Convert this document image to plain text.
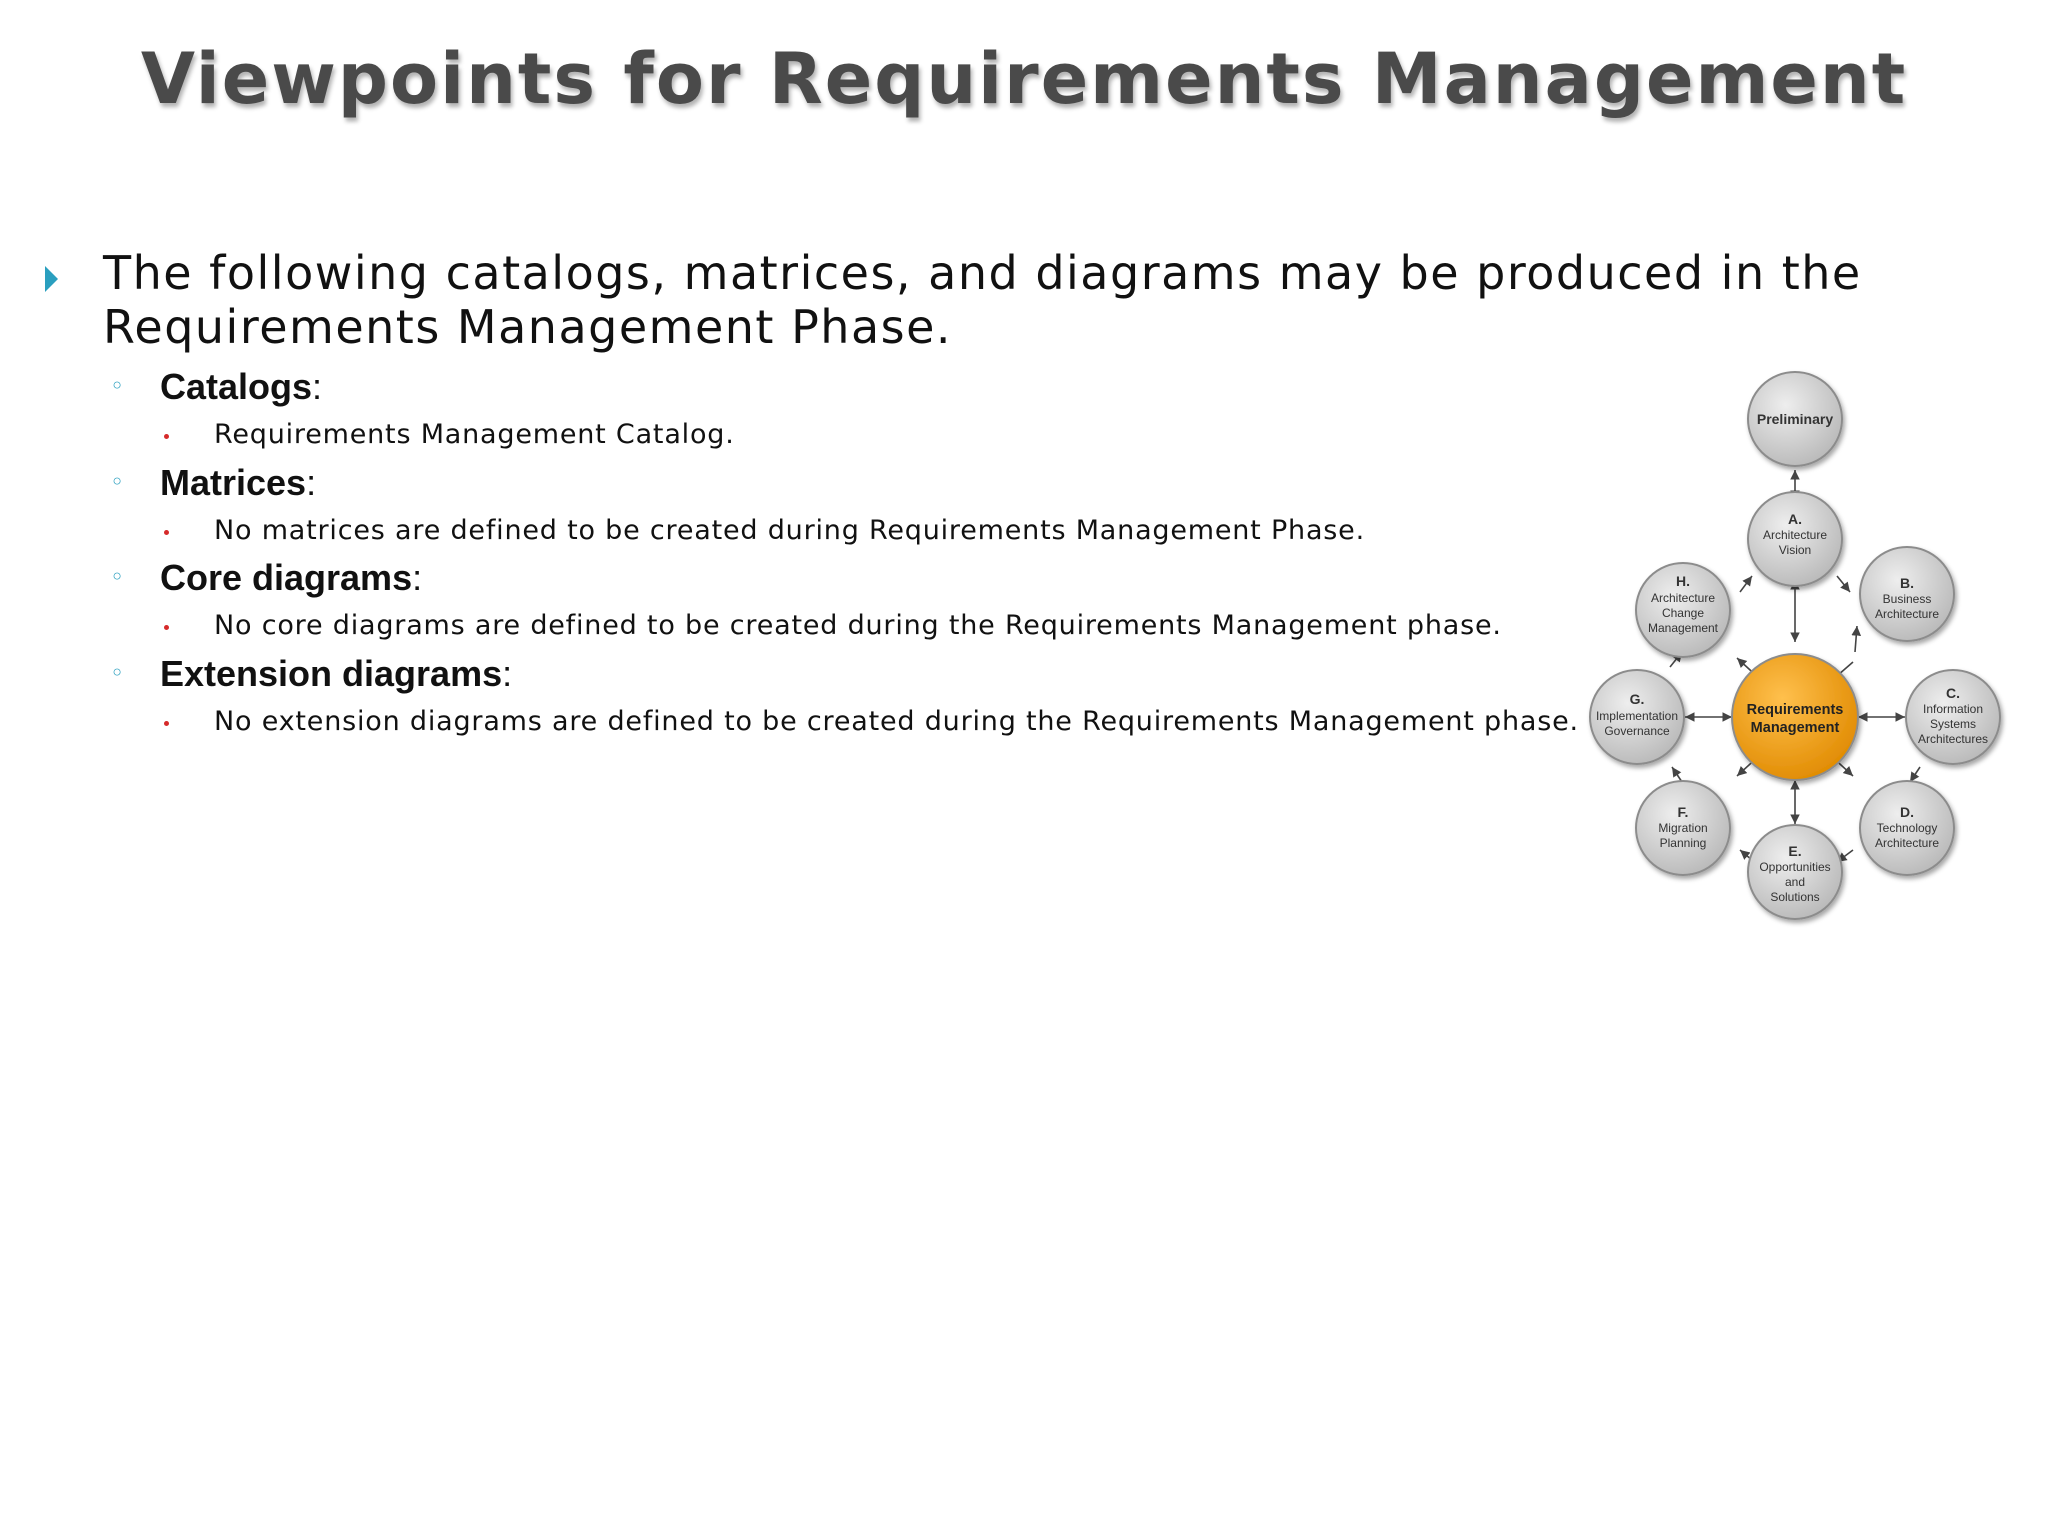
Viewpoints for Requirements Management
The following catalogs, matrices, and diagrams may be produced in the Requirements Management Phase.
◦ Catalogs:
Requirements Management Catalog.
◦ Matrices:
No matrices are defined to be created during Requirements Management Phase.
◦ Core diagrams:
No core diagrams are defined to be created during the Requirements Management phase.
◦ Extension diagrams:
No extension diagrams are defined to be created during the Requirements Management phase.
Preliminary
A.
Architecture
Vision
B.
Business
Architecture
C.
Information
Systems
Architectures
D.
Technology
Architecture
E.
Opportunities
and
Solutions
F.
Migration
Planning
G.
Implementation
Governance
H.
Architecture
Change
Management
Requirements
Management
